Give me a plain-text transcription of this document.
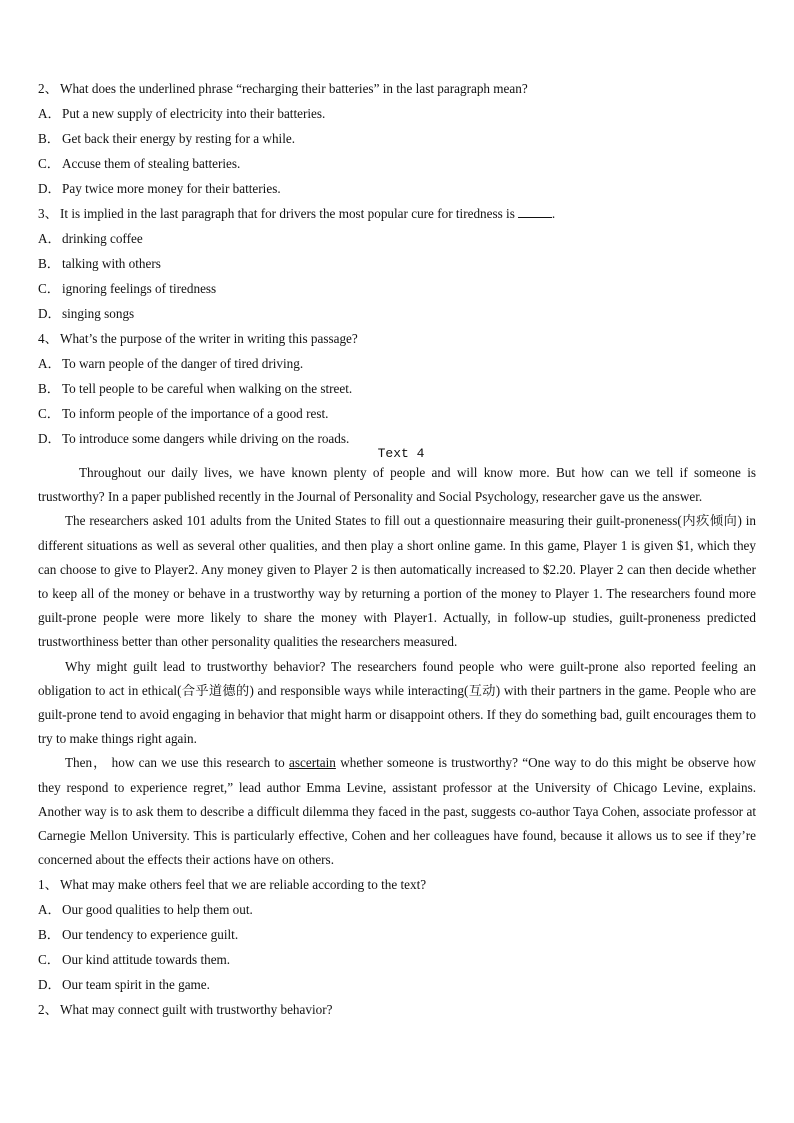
2、 What does the underlined phrase “recharging their batteries” in the last paragraph mean?
A．Put a new supply of electricity into their batteries.
B． Get back their energy by resting for a while.
C． Accuse them of stealing batteries.
D．Pay twice more money for their batteries.
3、 It is implied in the last paragraph that for drivers the most popular cure for tiredness is	.
A．drinking coffee
B． talking with others
C． ignoring feelings of tiredness
D．singing songs
4、 What’s the purpose of the writer in writing this passage?
A．To warn people of the danger of tired driving.
B． To tell people to be careful when walking on the street.
C． To inform people of the importance of a good rest.
D．To introduce some dangers while driving on the roads.
Text 4

Throughout our daily lives, we have known plenty of people and will know more. But how can we tell if someone is trustworthy? In a paper published recently in the Journal of Personality and Social Psychology, researcher gave us the answer.

The researchers asked 101 adults from the United States to fill out a questionnaire measuring their guilt-proneness(内疚倾向) in different situations as well as several other qualities, and then play a short online game. In this game, Player 1 is given $1, which they can choose to give to Player2. Any money given to Player 2 is then automatically increased to $2.20. Player 2 can then decide whether to keep all of the money or behave in a trustworthy way by returning a portion of the money to Player 1. The researchers found more guilt-prone people were more likely to share the money with Player1. Actually, in follow-up studies, guilt-proneness predicted trustworthiness better than other personality qualities the researchers measured.

Why might guilt lead to trustworthy behavior? The researchers found people who were guilt-prone also reported feeling an obligation to act in ethical(合乎道德的) and responsible ways while interacting(互动) with their partners in the game. People who are guilt-prone tend to avoid engaging in behavior that might harm or disappoint others. If they do something bad, guilt encourages them to try to make things right again.

Then， how can we use this research to ascertain whether someone is trustworthy? “One way to do this might be observe how they respond to experience regret,” lead author Emma Levine, assistant professor at the University of Chicago Levine, explains. Another way is to ask them to describe a difficult dilemma they faced in the past, suggests co-author Taya Cohen, associate professor at Carnegie Mellon University. This is particularly effective, Cohen and her colleagues have found, because it allows us to see if they’re concerned about the effects their actions have on others.

1、 What may make others feel that we are reliable according to the text?
A．Our good qualities to help them out.
B． Our tendency to experience guilt.
C． Our kind attitude towards them.
D．Our team spirit in the game.
2、 What may connect guilt with trustworthy behavior?
